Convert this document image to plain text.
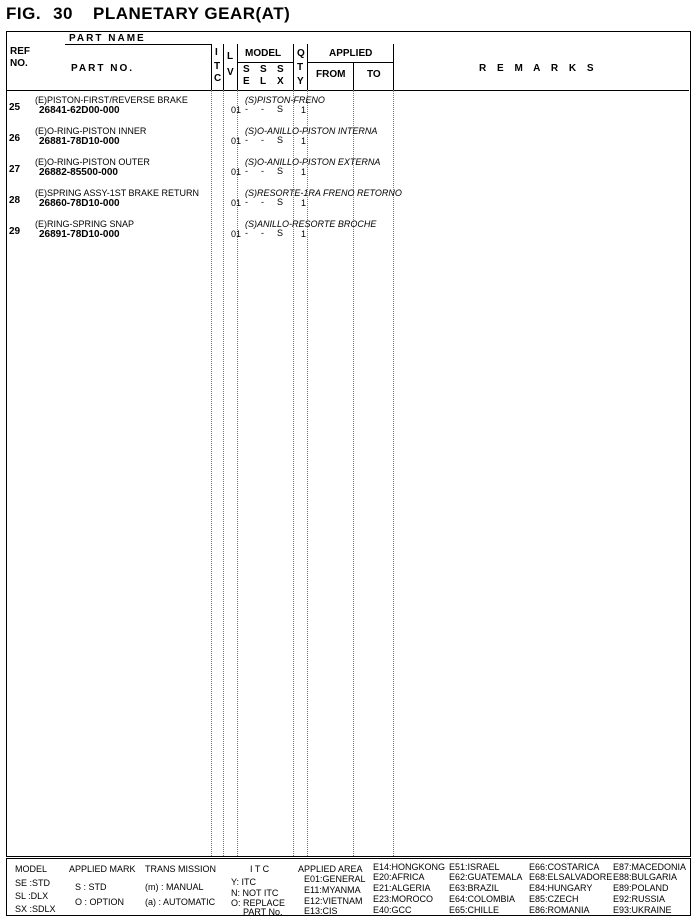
FIG. 30 PLANETARY GEAR(AT)
PART NAME
REF
NO.	PART NO.
I
T
C
L
V
MODEL
S S S
E L X
Q
T
Y
APPLIED
FROM TO
R E M A R K S
25
(E)PISTON-FIRST/REVERSE BRAKE
26841-62D00-000	01 - - S 1
(S)PISTON-FRENO
26
(E)O-RING-PISTON INNER
26881-78D10-000	01 - - S 1
(S)O-ANILLO-PISTON INTERNA
27
(E)O-RING-PISTON OUTER
26882-85500-000	01 - - S 1
(S)O-ANILLO-PISTON EXTERNA
28
(E)SPRING ASSY-1ST BRAKE RETURN
26860-78D10-000	01 - - S 1
(S)RESORTE-1RA FRENO RETORNO
29
(E)RING-SPRING SNAP
26891-78D10-000	01 - - S 1
(S)ANILLO-RESORTE BROCHE
MODEL APPLIED MARK TRANS MISSION	I T C	APPLIED AREA
SE :STD
SL :DLX
SX :SDLX
S : STD
O : OPTION
(m) : MANUAL
(a) : AUTOMATIC
Y: ITC
N: NOT ITC
O: REPLACE
PART No.
E14:HONGKONG E51:ISRAEL	E66:COSTARICA E87:MACEDONIA
E01:GENERAL E20:AFRICA	E62:GUATEMALA E68:ELSALVADORE E88:BULGARIA
E11:MYANMA E21:ALGERIA E63:BRAZIL	E84:HUNGARY E89:POLAND
E12:VIETNAM E23:MOROCO E64:COLOMBIA E85:CZECH	E92:RUSSIA
E13:CIS	E40:GCC	E65:CHILLE	E86:ROMANIA	E93:UKRAINE
